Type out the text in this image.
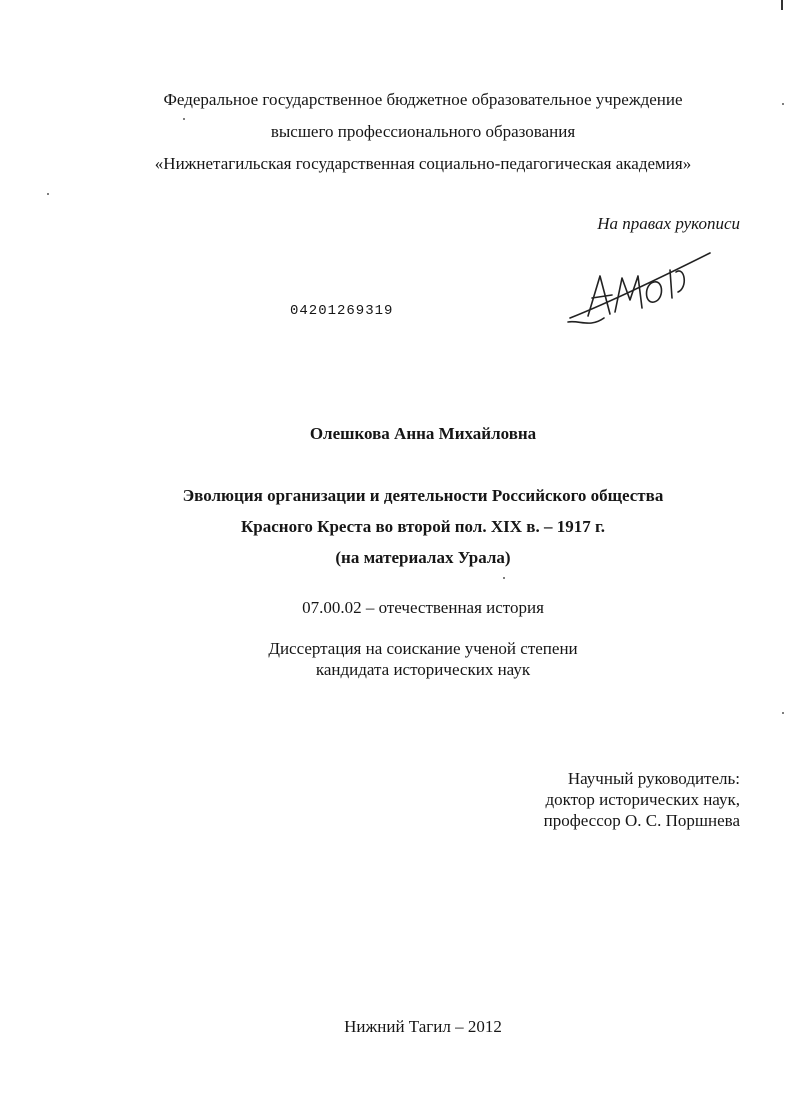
Федеральное государственное бюджетное образовательное учреждение
высшего профессионального образования
«Нижнетагильская государственная социально-педагогическая академия»
На правах рукописи
04201269319
Олешкова Анна Михайловна
Эволюция организации и деятельности Российского общества
Красного Креста во второй пол. XIX в. – 1917 г.
(на материалах Урала)
07.00.02 – отечественная история
Диссертация на соискание ученой степени
кандидата исторических наук
Научный руководитель:
доктор исторических наук,
профессор О. С. Поршнева
Нижний Тагил – 2012
